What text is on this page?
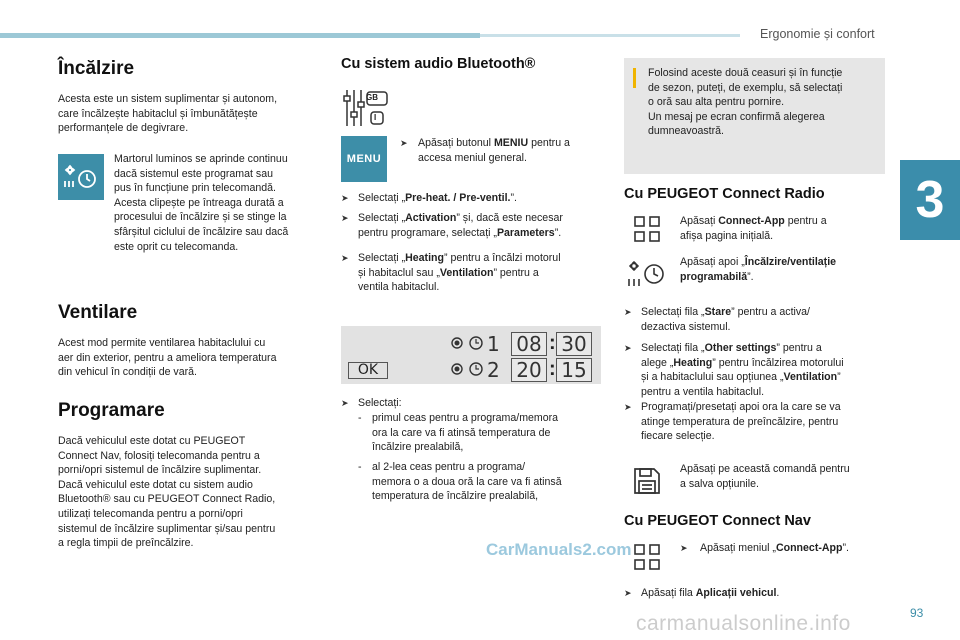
Ergonomie și confort
3
Încălzire
Acesta este un sistem suplimentar și autonom,
care încălzește habitaclul și îmbunătățește
performanțele de degivrare.
Martorul luminos se aprinde continuu
dacă sistemul este programat sau
pus în funcțiune prin telecomandă.
Acesta clipește pe întreaga durată a
procesului de încălzire și se stinge la
sfârșitul ciclului de încălzire sau dacă
este oprit cu telecomanda.
Ventilare
Acest mod permite ventilarea habitaclului cu
aer din exterior, pentru a ameliora temperatura
din vehicul în condiții de vară.
Programare
Dacă vehiculul este dotat cu PEUGEOT
Connect Nav, folosiți telecomanda pentru a
porni/opri sistemul de încălzire suplimentar.
Dacă vehiculul este dotat cu sistem audio
Bluetooth® sau cu PEUGEOT Connect Radio,
utilizați telecomanda pentru a porni/opri
sistemul de încălzire suplimentar și/sau pentru
a regla timpii de preîncălzire.
Cu sistem audio Bluetooth®
GB
I
MENU
➤ Apăsați butonul MENIU pentru a
accesa meniul general.
➤ Selectați „Pre-heat. / Pre-ventil.”.
➤ Selectați „Activation” și, dacă este necesar
pentru programare, selectați „Parameters”.
➤ Selectați „Heating” pentru a încălzi motorul
și habitaclul sau „Ventilation” pentru a
ventila habitaclul.
OK
1 08 : 30
2 20 : 15
➤ Selectați:
- primul ceas pentru a programa/memora
ora la care va fi atinsă temperatura de
încălzire prealabilă,
- al 2-lea ceas pentru a programa/
memora o a doua oră la care va fi atinsă
temperatura de încălzire prealabilă,
Folosind aceste două ceasuri și în funcție
de sezon, puteți, de exemplu, să selectați
o oră sau alta pentru pornire.
Un mesaj pe ecran confirmă alegerea
dumneavoastră.
Cu PEUGEOT Connect Radio
Apăsați Connect-App pentru a
afișa pagina inițială.
Apăsați apoi „Încălzire/ventilație
programabilă”.
➤ Selectați fila „Stare” pentru a activa/
dezactiva sistemul.
➤ Selectați fila „Other settings” pentru a
alege „Heating” pentru încălzirea motorului
și a habitaclului sau opțiunea „Ventilation”
pentru a ventila habitaclul.
➤ Programați/presetați apoi ora la care se va
atinge temperatura de preîncălzire, pentru
fiecare selecție.
Apăsați pe această comandă pentru
a salva opțiunile.
Cu PEUGEOT Connect Nav
➤ Apăsați meniul „Connect-App”.
➤ Apăsați fila Aplicații vehicul.
CarManuals2.com
carmanualsonline.info	93
